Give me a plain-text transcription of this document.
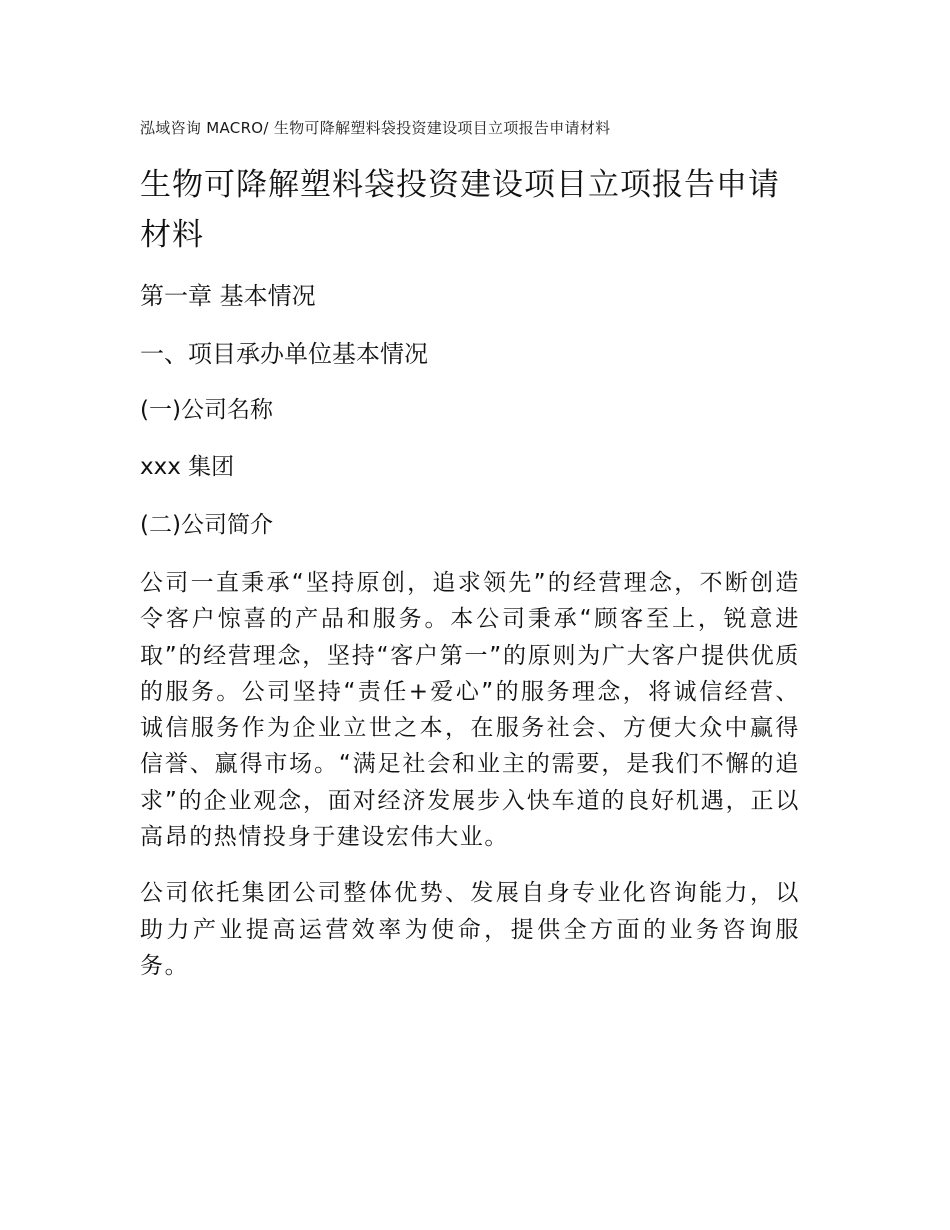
泓域咨询 MACRO/ 生物可降解塑料袋投资建设项目立项报告申请材料
生物可降解塑料袋投资建设项目立项报告申请材料
第一章 基本情况
一、项目承办单位基本情况
(一)公司名称

xxx 集团

(二)公司简介

公司一直秉承“坚持原创，追求领先”的经营理念，不断创造令客户惊喜的产品和服务。本公司秉承“顾客至上，锐意进取”的经营理念，坚持“客户第一”的原则为广大客户提供优质的服务。公司坚持“责任+爱心”的服务理念，将诚信经营、诚信服务作为企业立世之本，在服务社会、方便大众中赢得信誉、赢得市场。“满足社会和业主的需要，是我们不懈的追求”的企业观念，面对经济发展步入快车道的良好机遇，正以高昂的热情投身于建设宏伟大业。

公司依托集团公司整体优势、发展自身专业化咨询能力，以助力产业提高运营效率为使命，提供全方面的业务咨询服务。
